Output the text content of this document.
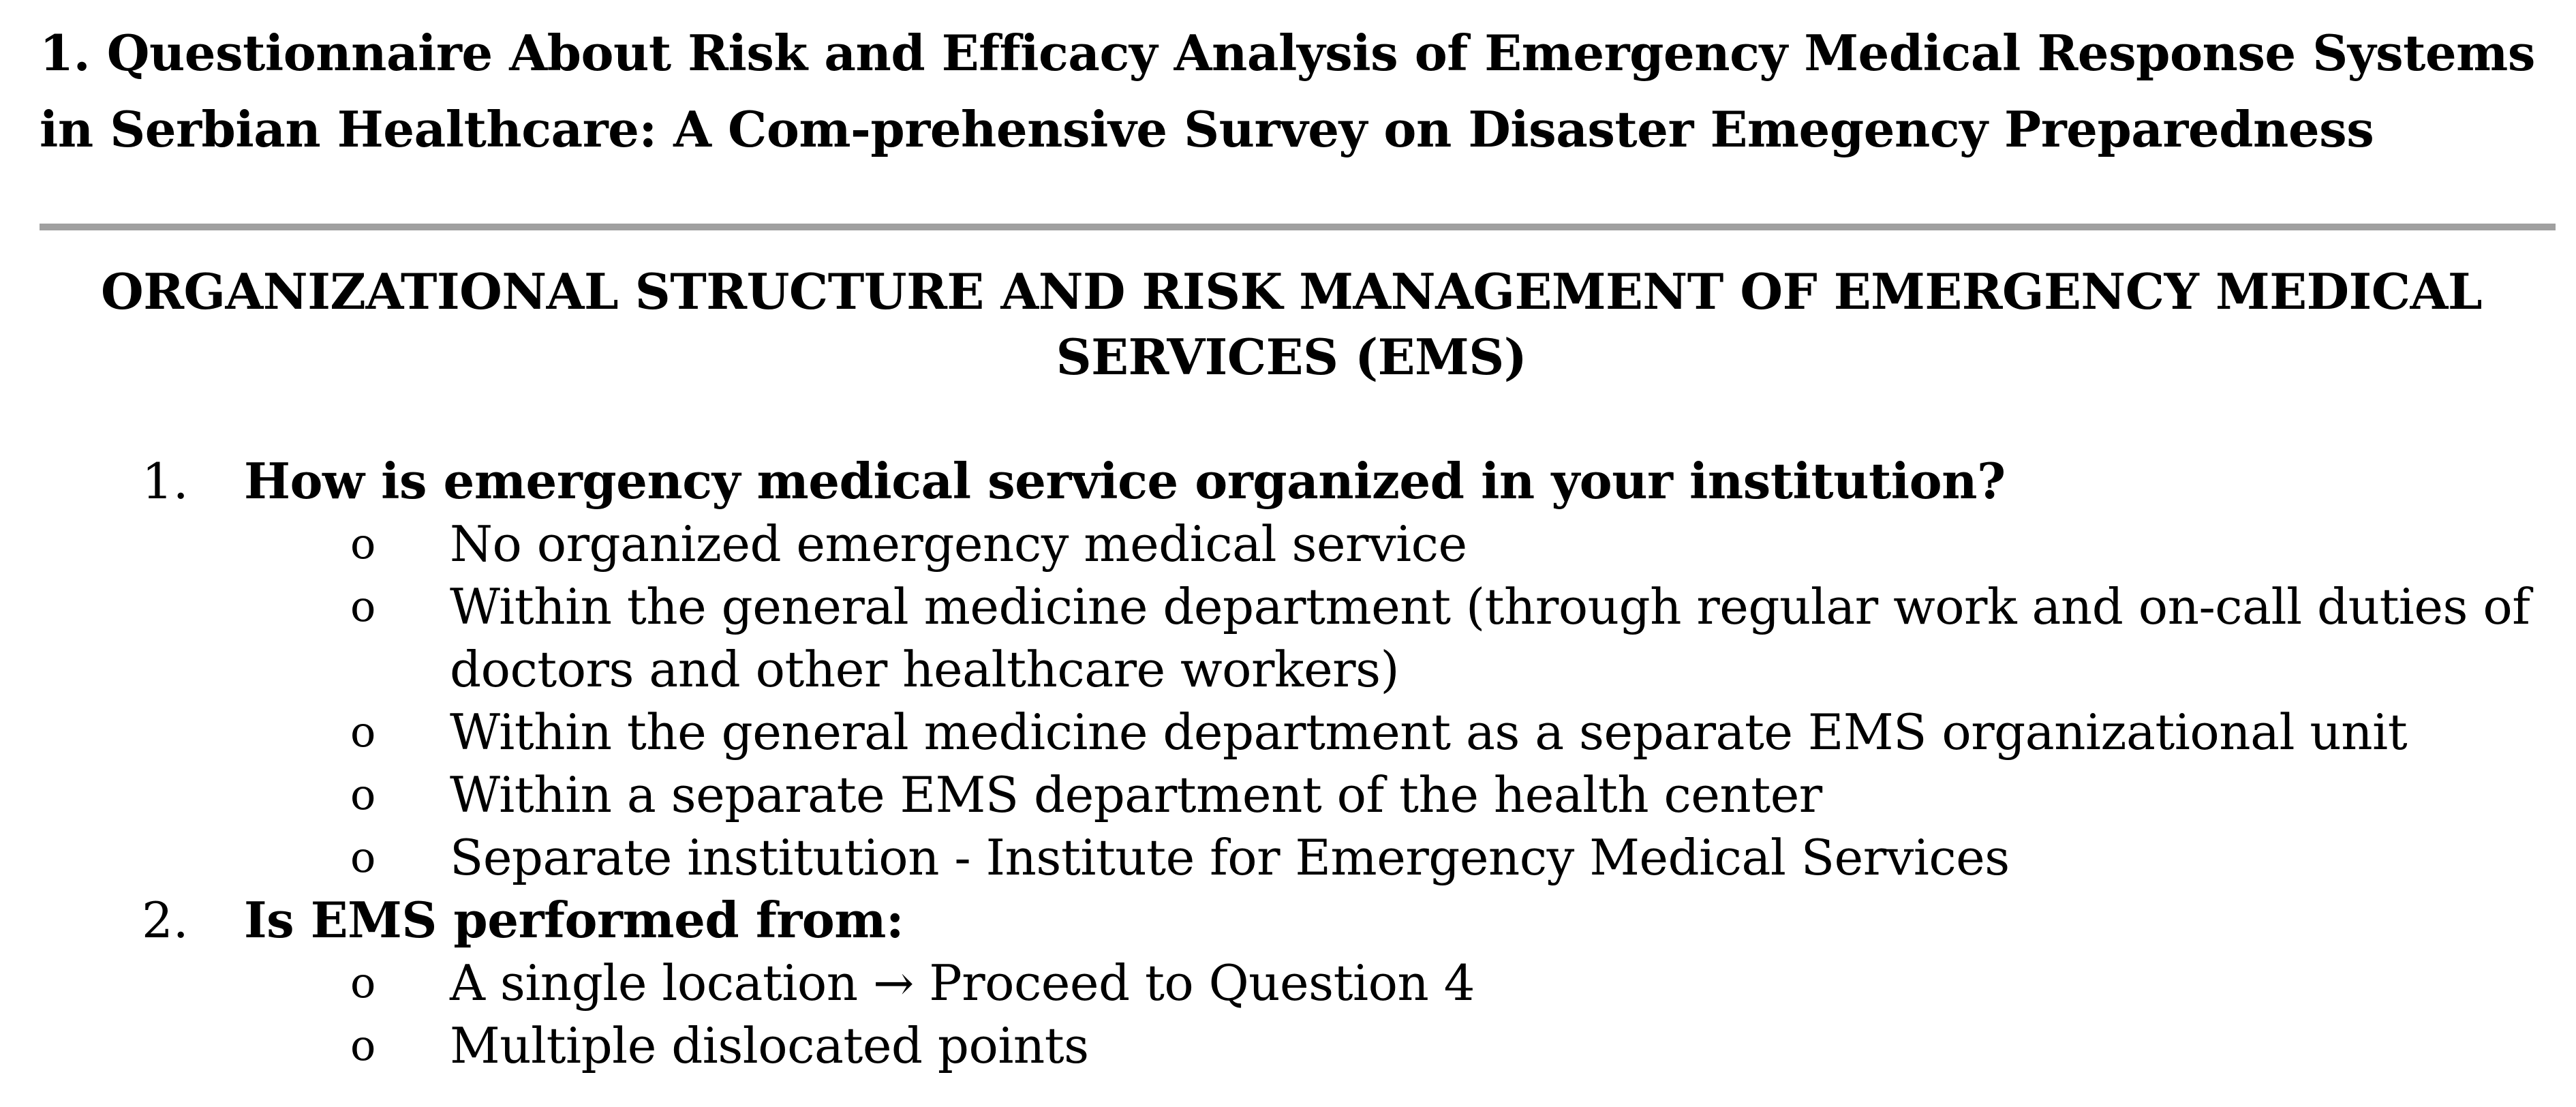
1. Questionnaire About Risk and Efficacy Analysis of Emergency Medical Response Systems in Serbian Healthcare: A Com-prehensive Survey on Disaster Emegency Preparedness
ORGANIZATIONAL STRUCTURE AND RISK MANAGEMENT OF EMERGENCY MEDICAL SERVICES (EMS)
1. How is emergency medical service organized in your institution?
o No organized emergency medical service
o Within the general medicine department (through regular work and on-call duties of doctors and other healthcare workers)
o Within the general medicine department as a separate EMS organizational unit
o Within a separate EMS department of the health center
o Separate institution - Institute for Emergency Medical Services
2. Is EMS performed from:
o A single location → Proceed to Question 4
o Multiple dislocated points
